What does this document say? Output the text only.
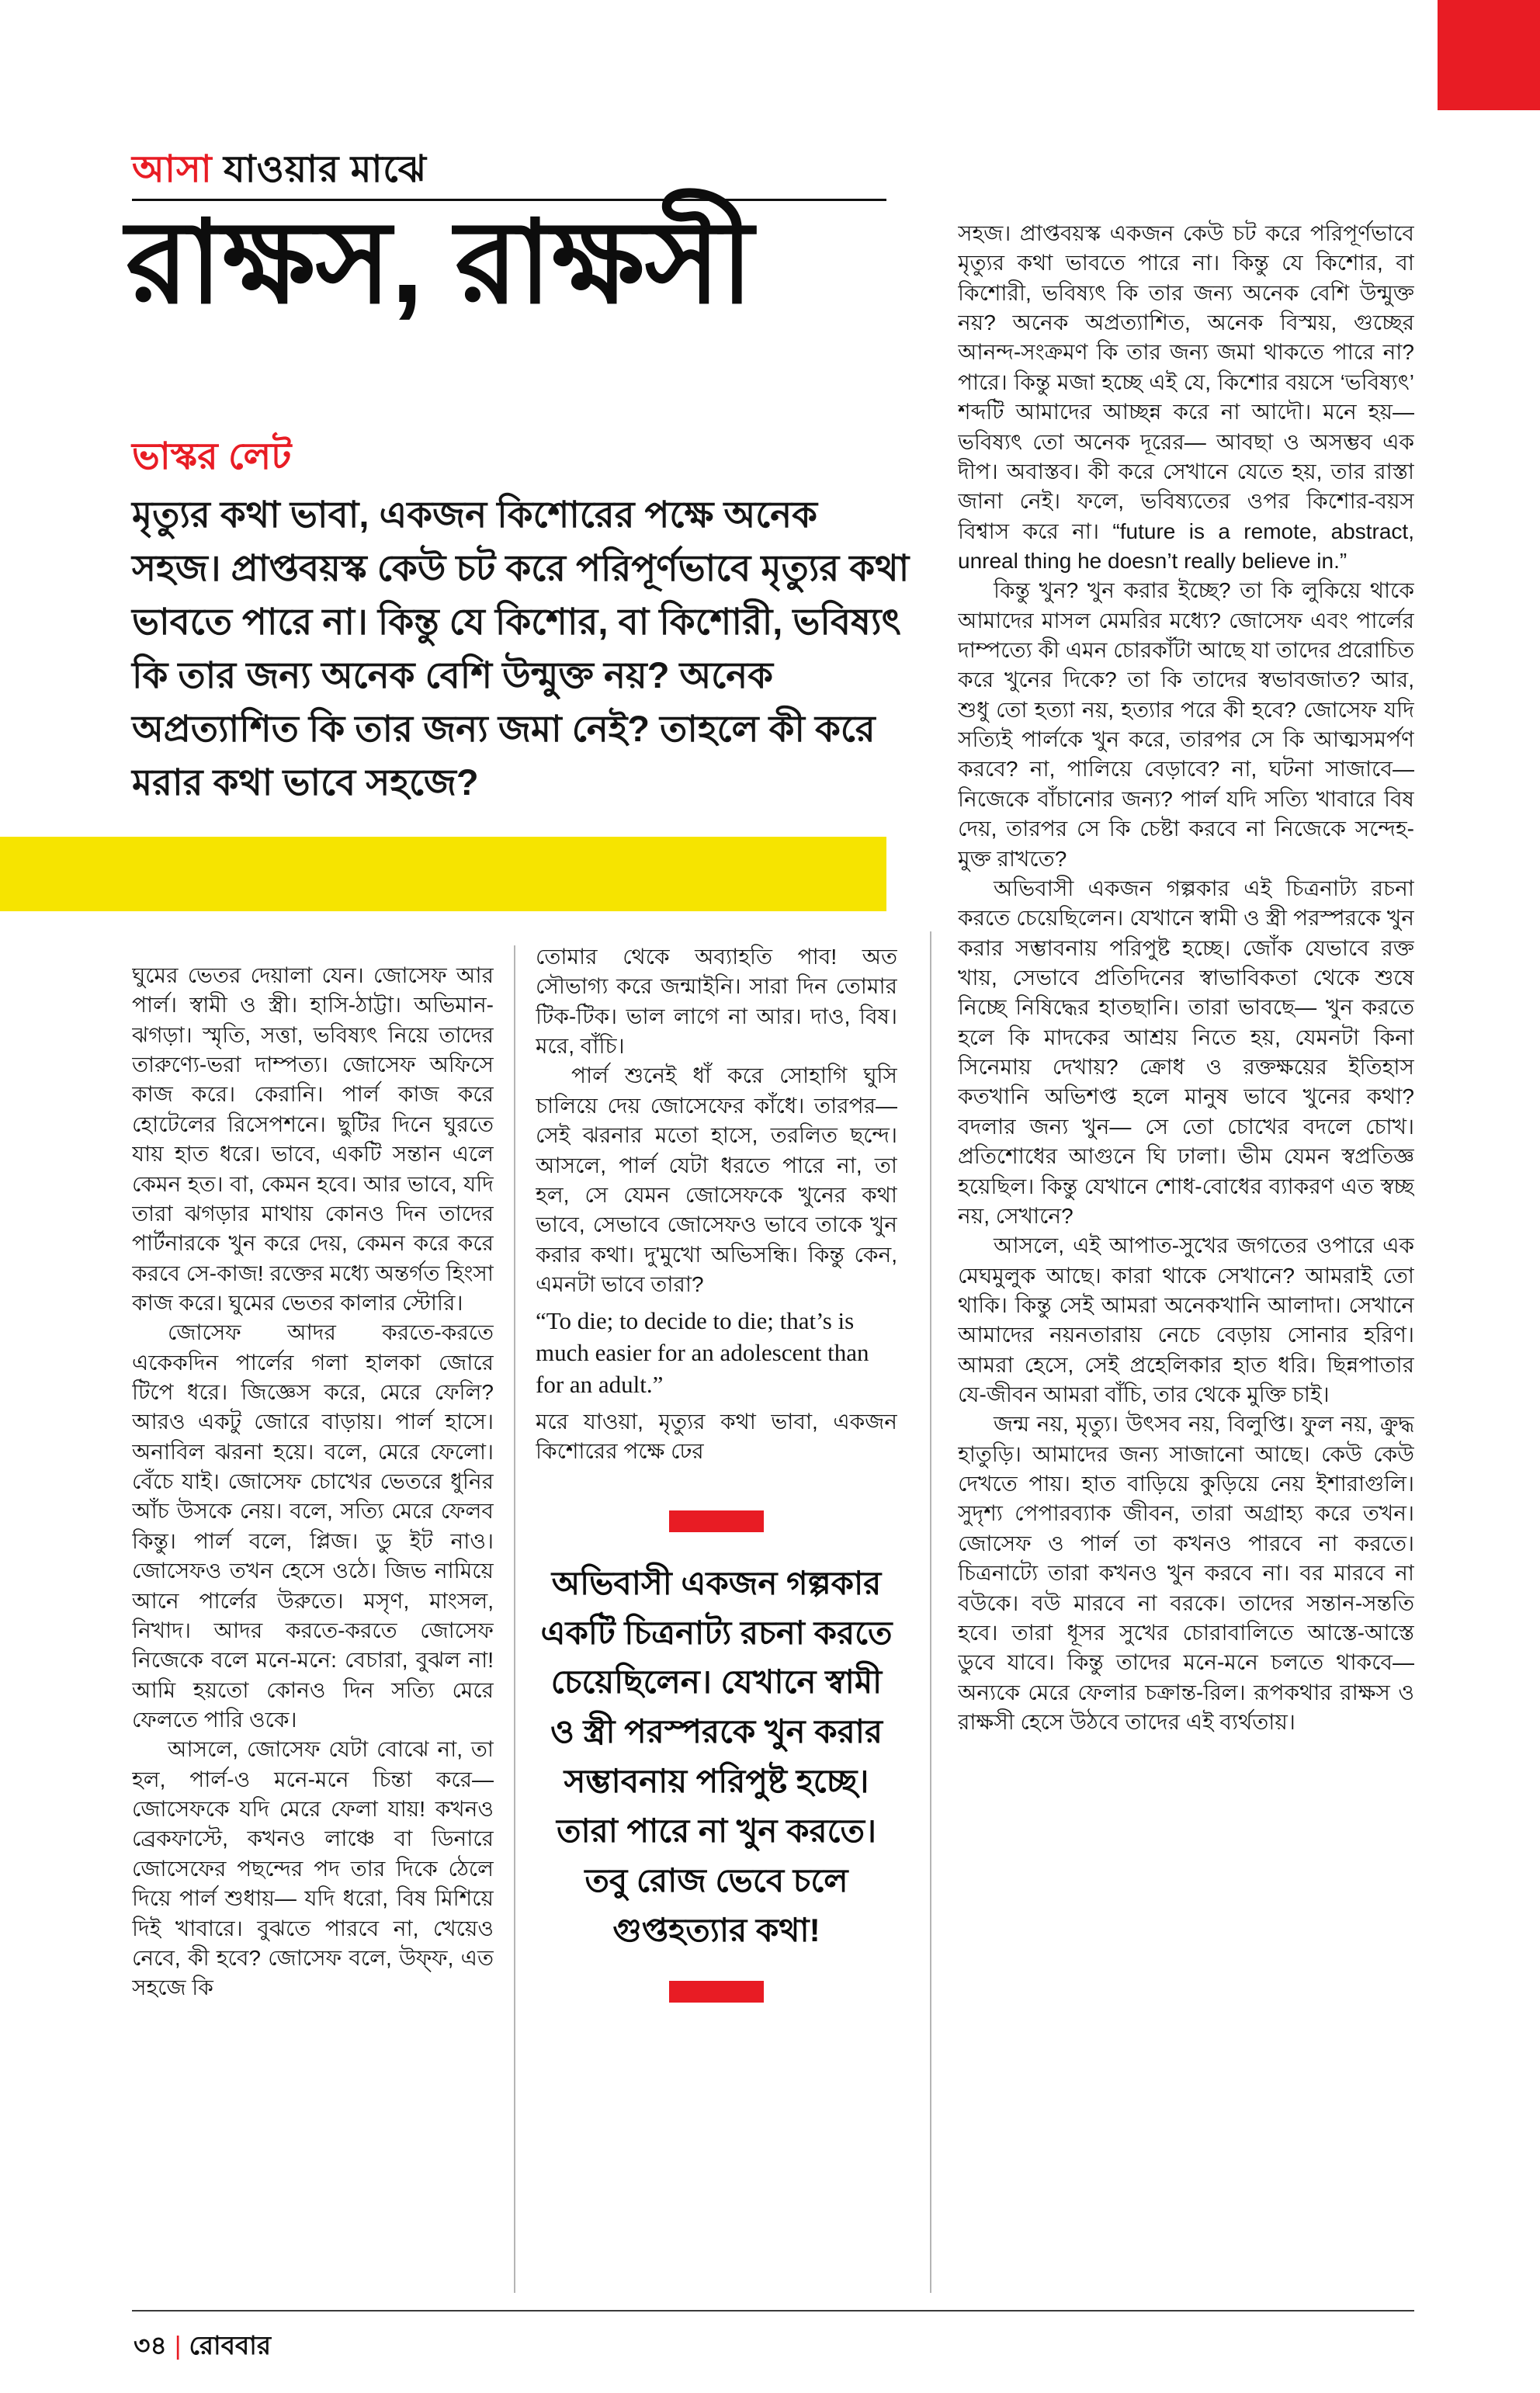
আসা যাওয়ার মাঝে
রাক্ষস, রাক্ষসী
ভাস্কর লেট

মৃত্যুর কথা ভাবা, একজন কিশোরের পক্ষে অনেক সহজ। প্রাপ্তবয়স্ক কেউ চট করে পরিপূর্ণভাবে মৃত্যুর কথা ভাবতে পারে না। কিন্তু যে কিশোর, বা কিশোরী, ভবিষ্যৎ কি তার জন্য অনেক বেশি উন্মুক্ত নয়? অনেক অপ্রত্যাশিত কি তার জন্য জমা নেই? তাহলে কী করে মরার কথা ভাবে সহজে?

ঘুমের ভেতর দেয়ালা যেন। জোসেফ আর পার্ল। স্বামী ও স্ত্রী। হাসি-ঠাট্টা। অভিমান-ঝগড়া। স্মৃতি, সত্তা, ভবিষ্যৎ নিয়ে তাদের তারুণ্যে-ভরা দাম্পত্য। জোসেফ অফিসে কাজ করে। কেরানি। পার্ল কাজ করে হোটেলের রিসেপশনে। ছুটির দিনে ঘুরতে যায় হাত ধরে। ভাবে, একটি সন্তান এলে কেমন হত। বা, কেমন হবে। আর ভাবে, যদি তারা ঝগড়ার মাথায় কোনও দিন তাদের পার্টনারকে খুন করে দেয়, কেমন করে করে করবে সে-কাজ! রক্তের মধ্যে অন্তর্গত হিংসা কাজ করে। ঘুমের ভেতর কালার স্টোরি।

জোসেফ আদর করতে-করতে একেকদিন পার্লের গলা হালকা জোরে টিপে ধরে। জিজ্ঞেস করে, মেরে ফেলি? আরও একটু জোরে বাড়ায়। পার্ল হাসে। অনাবিল ঝরনা হয়ে। বলে, মেরে ফেলো। বেঁচে যাই। জোসেফ চোখের ভেতরে ধুনির আঁচ উসকে নেয়। বলে, সত্যি মেরে ফেলব কিন্তু। পার্ল বলে, প্লিজ। ডু ইট নাও। জোসেফও তখন হেসে ওঠে। জিভ নামিয়ে আনে পার্লের উরুতে। মসৃণ, মাংসল, নিখাদ। আদর করতে-করতে জোসেফ নিজেকে বলে মনে-মনে: বেচারা, বুঝল না! আমি হয়তো কোনও দিন সত্যি মেরে ফেলতে পারি ওকে।

আসলে, জোসেফ যেটা বোঝে না, তা হল, পার্ল-ও মনে-মনে চিন্তা করে— জোসেফকে যদি মেরে ফেলা যায়! কখনও ব্রেকফাস্টে, কখনও লাঞ্চে বা ডিনারে জোসেফের পছন্দের পদ তার দিকে ঠেলে দিয়ে পার্ল শুধায়— যদি ধরো, বিষ মিশিয়ে দিই খাবারে। বুঝতে পারবে না, খেয়েও নেবে, কী হবে? জোসেফ বলে, উফ্ফ, এত সহজে কি

তোমার থেকে অব্যাহতি পাব! অত সৌভাগ্য করে জন্মাইনি। সারা দিন তোমার টিক-টিক। ভাল লাগে না আর। দাও, বিষ। মরে, বাঁচি।

পার্ল শুনেই ধাঁ করে সোহাগি ঘুসি চালিয়ে দেয় জোসেফের কাঁধে। তারপর— সেই ঝরনার মতো হাসে, তরলিত ছন্দে। আসলে, পার্ল যেটা ধরতে পারে না, তা হল, সে যেমন জোসেফকে খুনের কথা ভাবে, সেভাবে জোসেফও ভাবে তাকে খুন করার কথা। দু'মুখো অভিসন্ধি। কিন্তু কেন, এমনটা ভাবে তারা?

“To die; to decide to die; that’s is much easier for an adolescent than for an adult.”

মরে যাওয়া, মৃত্যুর কথা ভাবা, একজন কিশোরের পক্ষে ঢের

অভিবাসী একজন গল্পকার একটি চিত্রনাট্য রচনা করতে চেয়েছিলেন। যেখানে স্বামী ও স্ত্রী পরস্পরকে খুন করার সম্ভাবনায় পরিপুষ্ট হচ্ছে। তারা পারে না খুন করতে। তবু রোজ ভেবে চলে গুপ্তহত্যার কথা!

সহজ। প্রাপ্তবয়স্ক একজন কেউ চট করে পরিপূর্ণভাবে মৃত্যুর কথা ভাবতে পারে না। কিন্তু যে কিশোর, বা কিশোরী, ভবিষ্যৎ কি তার জন্য অনেক বেশি উন্মুক্ত নয়? অনেক অপ্রত্যাশিত, অনেক বিস্ময়, গুচ্ছের আনন্দ-সংক্রমণ কি তার জন্য জমা থাকতে পারে না? পারে। কিন্তু মজা হচ্ছে এই যে, কিশোর বয়সে ‘ভবিষ্যৎ’ শব্দটি আমাদের আচ্ছন্ন করে না আদৌ। মনে হয়— ভবিষ্যৎ তো অনেক দূরের— আবছা ও অসম্ভব এক দীপ। অবাস্তব। কী করে সেখানে যেতে হয়, তার রাস্তা জানা নেই। ফলে, ভবিষ্যতের ওপর কিশোর-বয়স বিশ্বাস করে না। “future is a remote, abstract, unreal thing he doesn’t really believe in.”

কিন্তু খুন? খুন করার ইচ্ছে? তা কি লুকিয়ে থাকে আমাদের মাসল মেমরির মধ্যে? জোসেফ এবং পার্লের দাম্পত্যে কী এমন চোরকাঁটা আছে যা তাদের প্ররোচিত করে খুনের দিকে? তা কি তাদের স্বভাবজাত? আর, শুধু তো হত্যা নয়, হত্যার পরে কী হবে? জোসেফ যদি সত্যিই পার্লকে খুন করে, তারপর সে কি আত্মসমর্পণ করবে? না, পালিয়ে বেড়াবে? না, ঘটনা সাজাবে— নিজেকে বাঁচানোর জন্য? পার্ল যদি সত্যি খাবারে বিষ দেয়, তারপর সে কি চেষ্টা করবে না নিজেকে সন্দেহ-মুক্ত রাখতে?

অভিবাসী একজন গল্পকার এই চিত্রনাট্য রচনা করতে চেয়েছিলেন। যেখানে স্বামী ও স্ত্রী পরস্পরকে খুন করার সম্ভাবনায় পরিপুষ্ট হচ্ছে। জোঁক যেভাবে রক্ত খায়, সেভাবে প্রতিদিনের স্বাভাবিকতা থেকে শুষে নিচ্ছে নিষিদ্ধের হাতছানি। তারা ভাবছে— খুন করতে হলে কি মাদকের আশ্রয় নিতে হয়, যেমনটা কিনা সিনেমায় দেখায়? ক্রোধ ও রক্তক্ষয়ের ইতিহাস কতখানি অভিশপ্ত হলে মানুষ ভাবে খুনের কথা? বদলার জন্য খুন— সে তো চোখের বদলে চোখ। প্রতিশোধের আগুনে ঘি ঢালা। ভীম যেমন স্বপ্রতিজ্ঞ হয়েছিল। কিন্তু যেখানে শোধ-বোধের ব্যাকরণ এত স্বচ্ছ নয়, সেখানে?

আসলে, এই আপাত-সুখের জগতের ওপারে এক মেঘমুলুক আছে। কারা থাকে সেখানে? আমরাই তো থাকি। কিন্তু সেই আমরা অনেকখানি আলাদা। সেখানে আমাদের নয়নতারায় নেচে বেড়ায় সোনার হরিণ। আমরা হেসে, সেই প্রহেলিকার হাত ধরি। ছিন্নপাতার যে-জীবন আমরা বাঁচি, তার থেকে মুক্তি চাই।

জন্ম নয়, মৃত্যু। উৎসব নয়, বিলুপ্তি। ফুল নয়, ক্রুদ্ধ হাতুড়ি। আমাদের জন্য সাজানো আছে। কেউ কেউ দেখতে পায়। হাত বাড়িয়ে কুড়িয়ে নেয় ইশারাগুলি। সুদৃশ্য পেপারব্যাক জীবন, তারা অগ্রাহ্য করে তখন। জোসেফ ও পার্ল তা কখনও পারবে না করতে। চিত্রনাট্যে তারা কখনও খুন করবে না। বর মারবে না বউকে। বউ মারবে না বরকে। তাদের সন্তান-সন্ততি হবে। তারা ধূসর সুখের চোরাবালিতে আস্তে-আস্তে ডুবে যাবে। কিন্তু তাদের মনে-মনে চলতে থাকবে— অন্যকে মেরে ফেলার চক্রান্ত-রিল। রূপকথার রাক্ষস ও রাক্ষসী হেসে উঠবে তাদের এই ব্যর্থতায়।

৩৪ | রোববার
